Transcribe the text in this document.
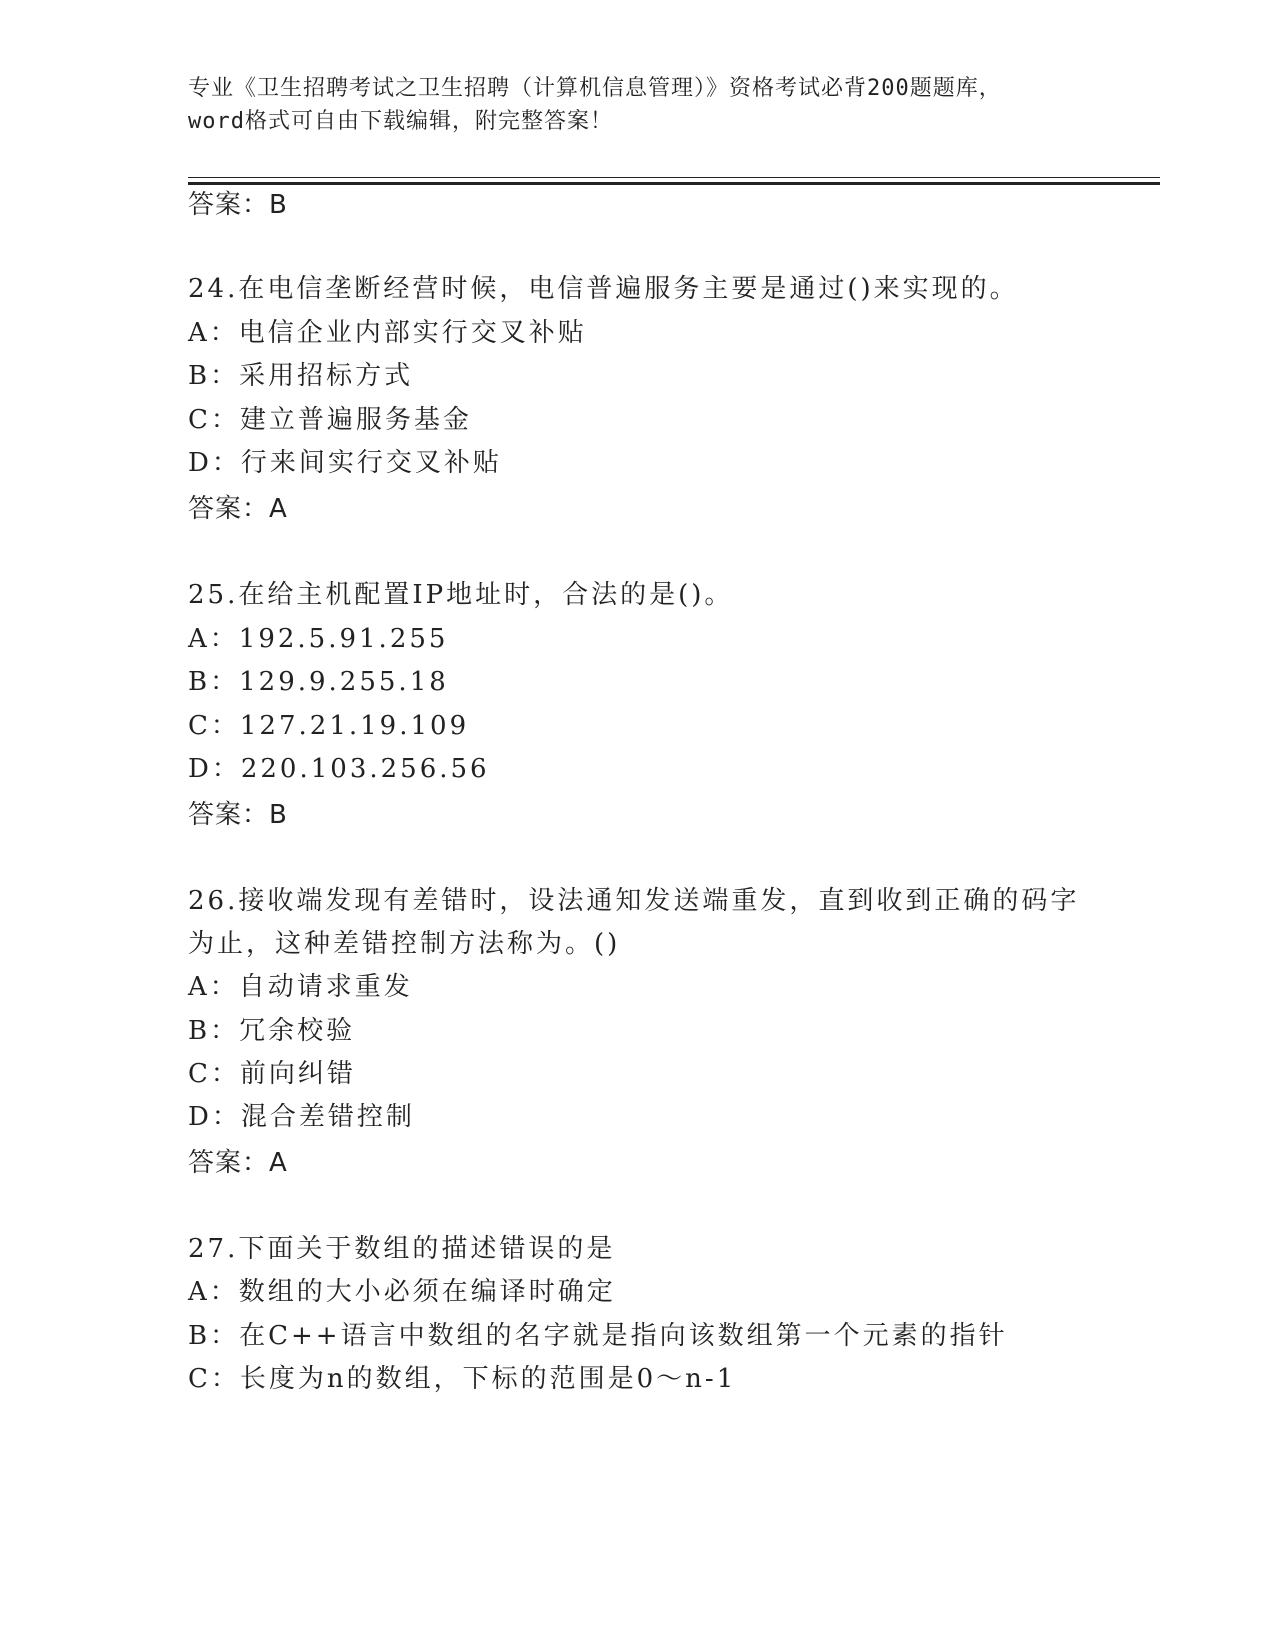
专业《卫生招聘考试之卫生招聘（计算机信息管理）》资格考试必背200题题库，
word格式可自由下载编辑，附完整答案！
答案：B
24.在电信垄断经营时候，电信普遍服务主要是通过()来实现的。
A：电信企业内部实行交叉补贴
B：采用招标方式
C：建立普遍服务基金
D：行来间实行交叉补贴
答案：A
25.在给主机配置IP地址时，合法的是()。
A：192.5.91.255
B：129.9.255.18
C：127.21.19.109
D：220.103.256.56
答案：B
26.接收端发现有差错时，设法通知发送端重发，直到收到正确的码字
为止，这种差错控制方法称为。()
A：自动请求重发
B：冗余校验
C：前向纠错
D：混合差错控制
答案：A
27.下面关于数组的描述错误的是
A：数组的大小必须在编译时确定
B：在C++语言中数组的名字就是指向该数组第一个元素的指针
C：长度为n的数组，下标的范围是0～n-1
